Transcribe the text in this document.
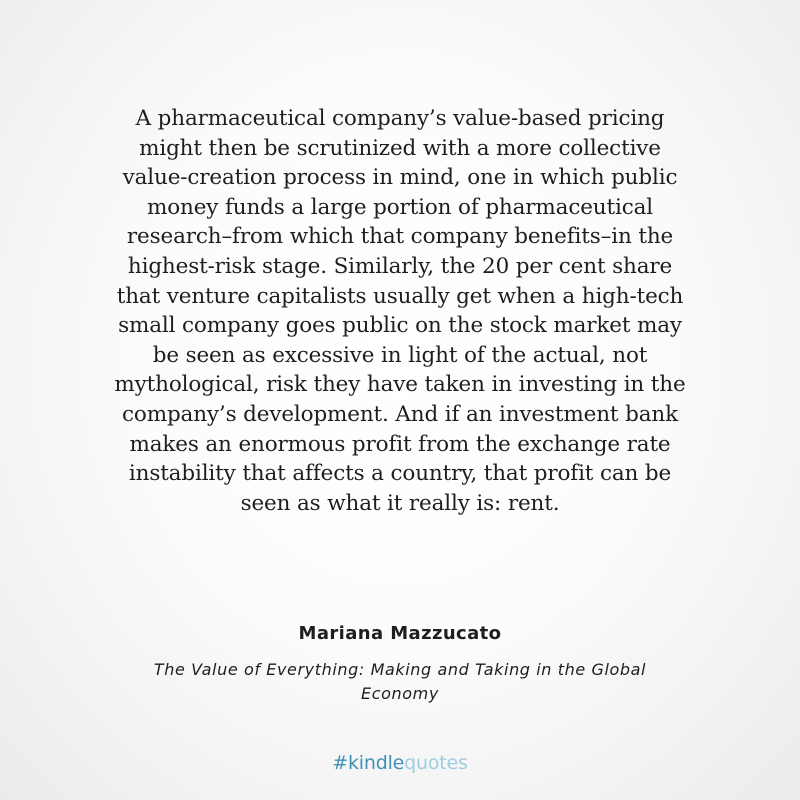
A pharmaceutical company’s value-based pricing
might then be scrutinized with a more collective
value-creation process in mind, one in which public
money funds a large portion of pharmaceutical
research–from which that company benefits–in the
highest-risk stage. Similarly, the 20 per cent share
that venture capitalists usually get when a high-tech
small company goes public on the stock market may
be seen as excessive in light of the actual, not
mythological, risk they have taken in investing in the
company’s development. And if an investment bank
makes an enormous profit from the exchange rate
instability that affects a country, that profit can be
seen as what it really is: rent.

Mariana Mazzucato
The Value of Everything: Making and Taking in the Global
Economy
#kindlequotes
